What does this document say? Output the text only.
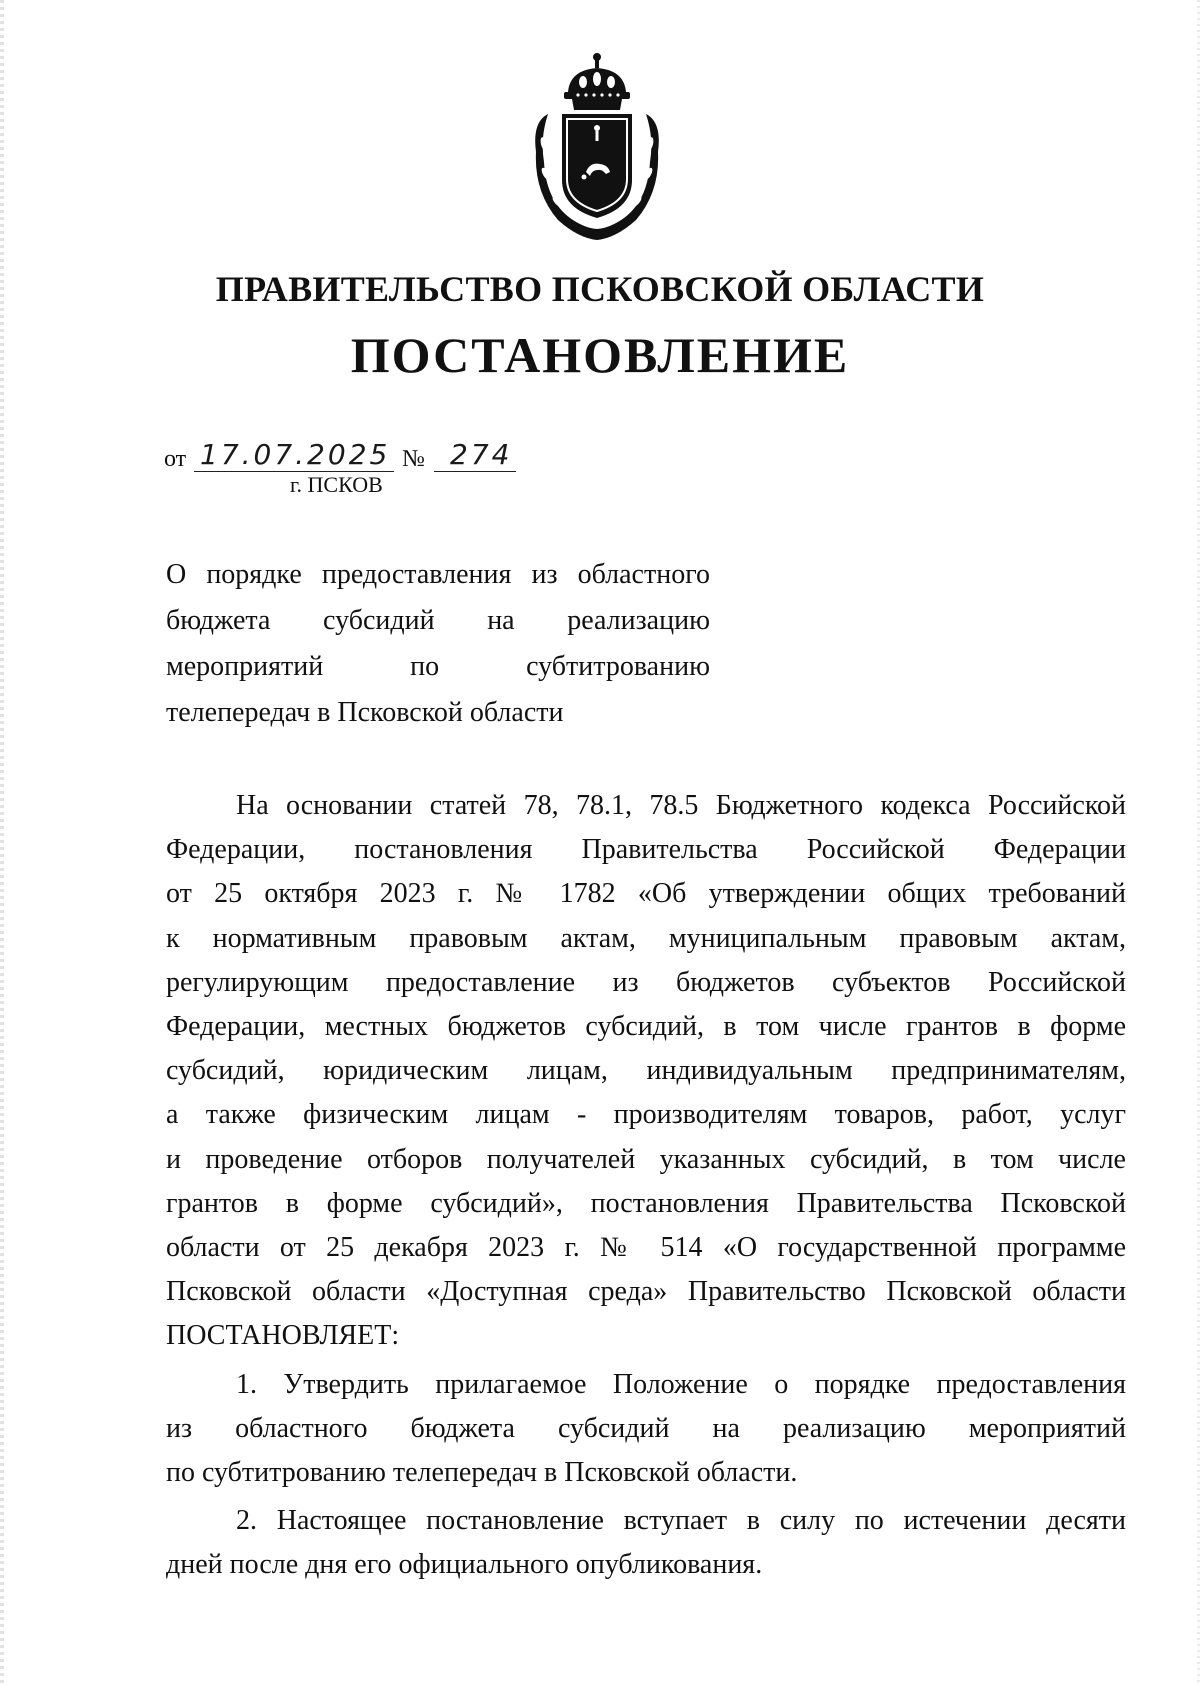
ПРАВИТЕЛЬСТВО ПСКОВСКОЙ ОБЛАСТИ
ПОСТАНОВЛЕНИЕ
от 17.07.2025 № 274
г. ПСКОВ
О порядке предоставления из областного
бюджета субсидий на реализацию
мероприятий по субтитрованию
телепередач в Псковской области
На основании статей 78, 78.1, 78.5 Бюджетного кодекса Российской
Федерации, постановления Правительства Российской Федерации
от 25 октября 2023 г. № 1782 «Об утверждении общих требований
к нормативным правовым актам, муниципальным правовым актам,
регулирующим предоставление из бюджетов субъектов Российской
Федерации, местных бюджетов субсидий, в том числе грантов в форме
субсидий, юридическим лицам, индивидуальным предпринимателям,
а также физическим лицам - производителям товаров, работ, услуг
и проведение отборов получателей указанных субсидий, в том числе
грантов в форме субсидий», постановления Правительства Псковской
области от 25 декабря 2023 г. № 514 «О государственной программе
Псковской области «Доступная среда» Правительство Псковской области
ПОСТАНОВЛЯЕТ:
1. Утвердить прилагаемое Положение о порядке предоставления
из областного бюджета субсидий на реализацию мероприятий
по субтитрованию телепередач в Псковской области.
2. Настоящее постановление вступает в силу по истечении десяти
дней после дня его официального опубликования.
